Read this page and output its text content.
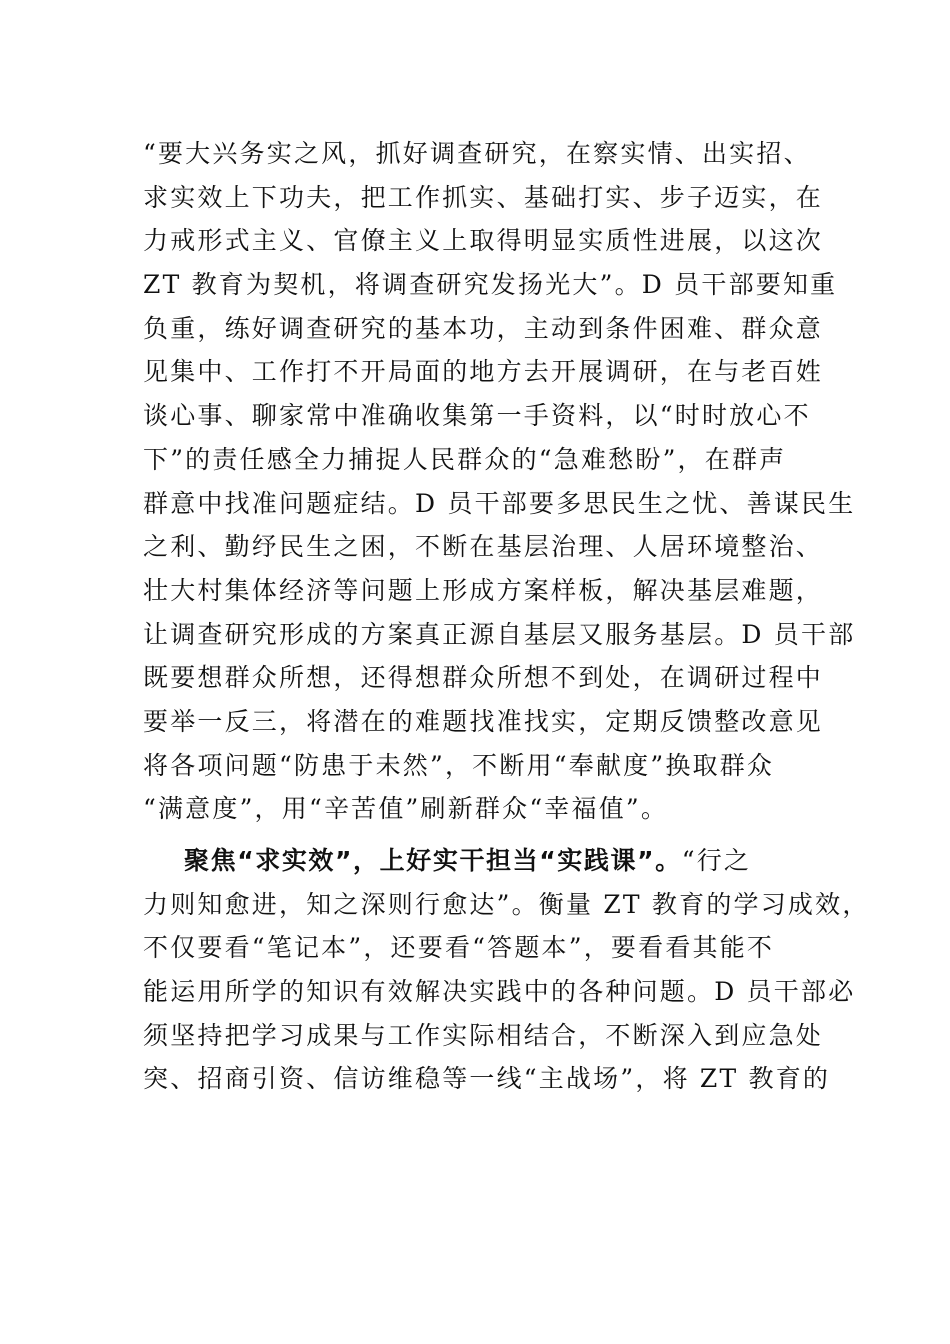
“要大兴务实之风，抓好调查研究，在察实情、出实招、
求实效上下功夫，把工作抓实、基础打实、步子迈实，在
力戒形式主义、官僚主义上取得明显实质性进展，以这次
ZT 教育为契机，将调查研究发扬光大”。D 员干部要知重
负重，练好调查研究的基本功，主动到条件困难、群众意
见集中、工作打不开局面的地方去开展调研，在与老百姓
谈心事、聊家常中准确收集第一手资料，以“时时放心不
下”的责任感全力捕捉人民群众的“急难愁盼”，在群声
群意中找准问题症结。D 员干部要多思民生之忧、善谋民生
之利、勤纾民生之困，不断在基层治理、人居环境整治、
壮大村集体经济等问题上形成方案样板，解决基层难题，
让调查研究形成的方案真正源自基层又服务基层。D 员干部
既要想群众所想，还得想群众所想不到处，在调研过程中
要举一反三，将潜在的难题找准找实，定期反馈整改意见
将各项问题“防患于未然”，不断用“奉献度”换取群众
“满意度”，用“辛苦值”刷新群众“幸福值”。
聚焦“求实效”，上好实干担当“实践课”。“行之
力则知愈进，知之深则行愈达”。衡量 ZT 教育的学习成效，
不仅要看“笔记本”，还要看“答题本”，要看看其能不
能运用所学的知识有效解决实践中的各种问题。D 员干部必
须坚持把学习成果与工作实际相结合，不断深入到应急处
突、招商引资、信访维稳等一线“主战场”，将 ZT 教育的
